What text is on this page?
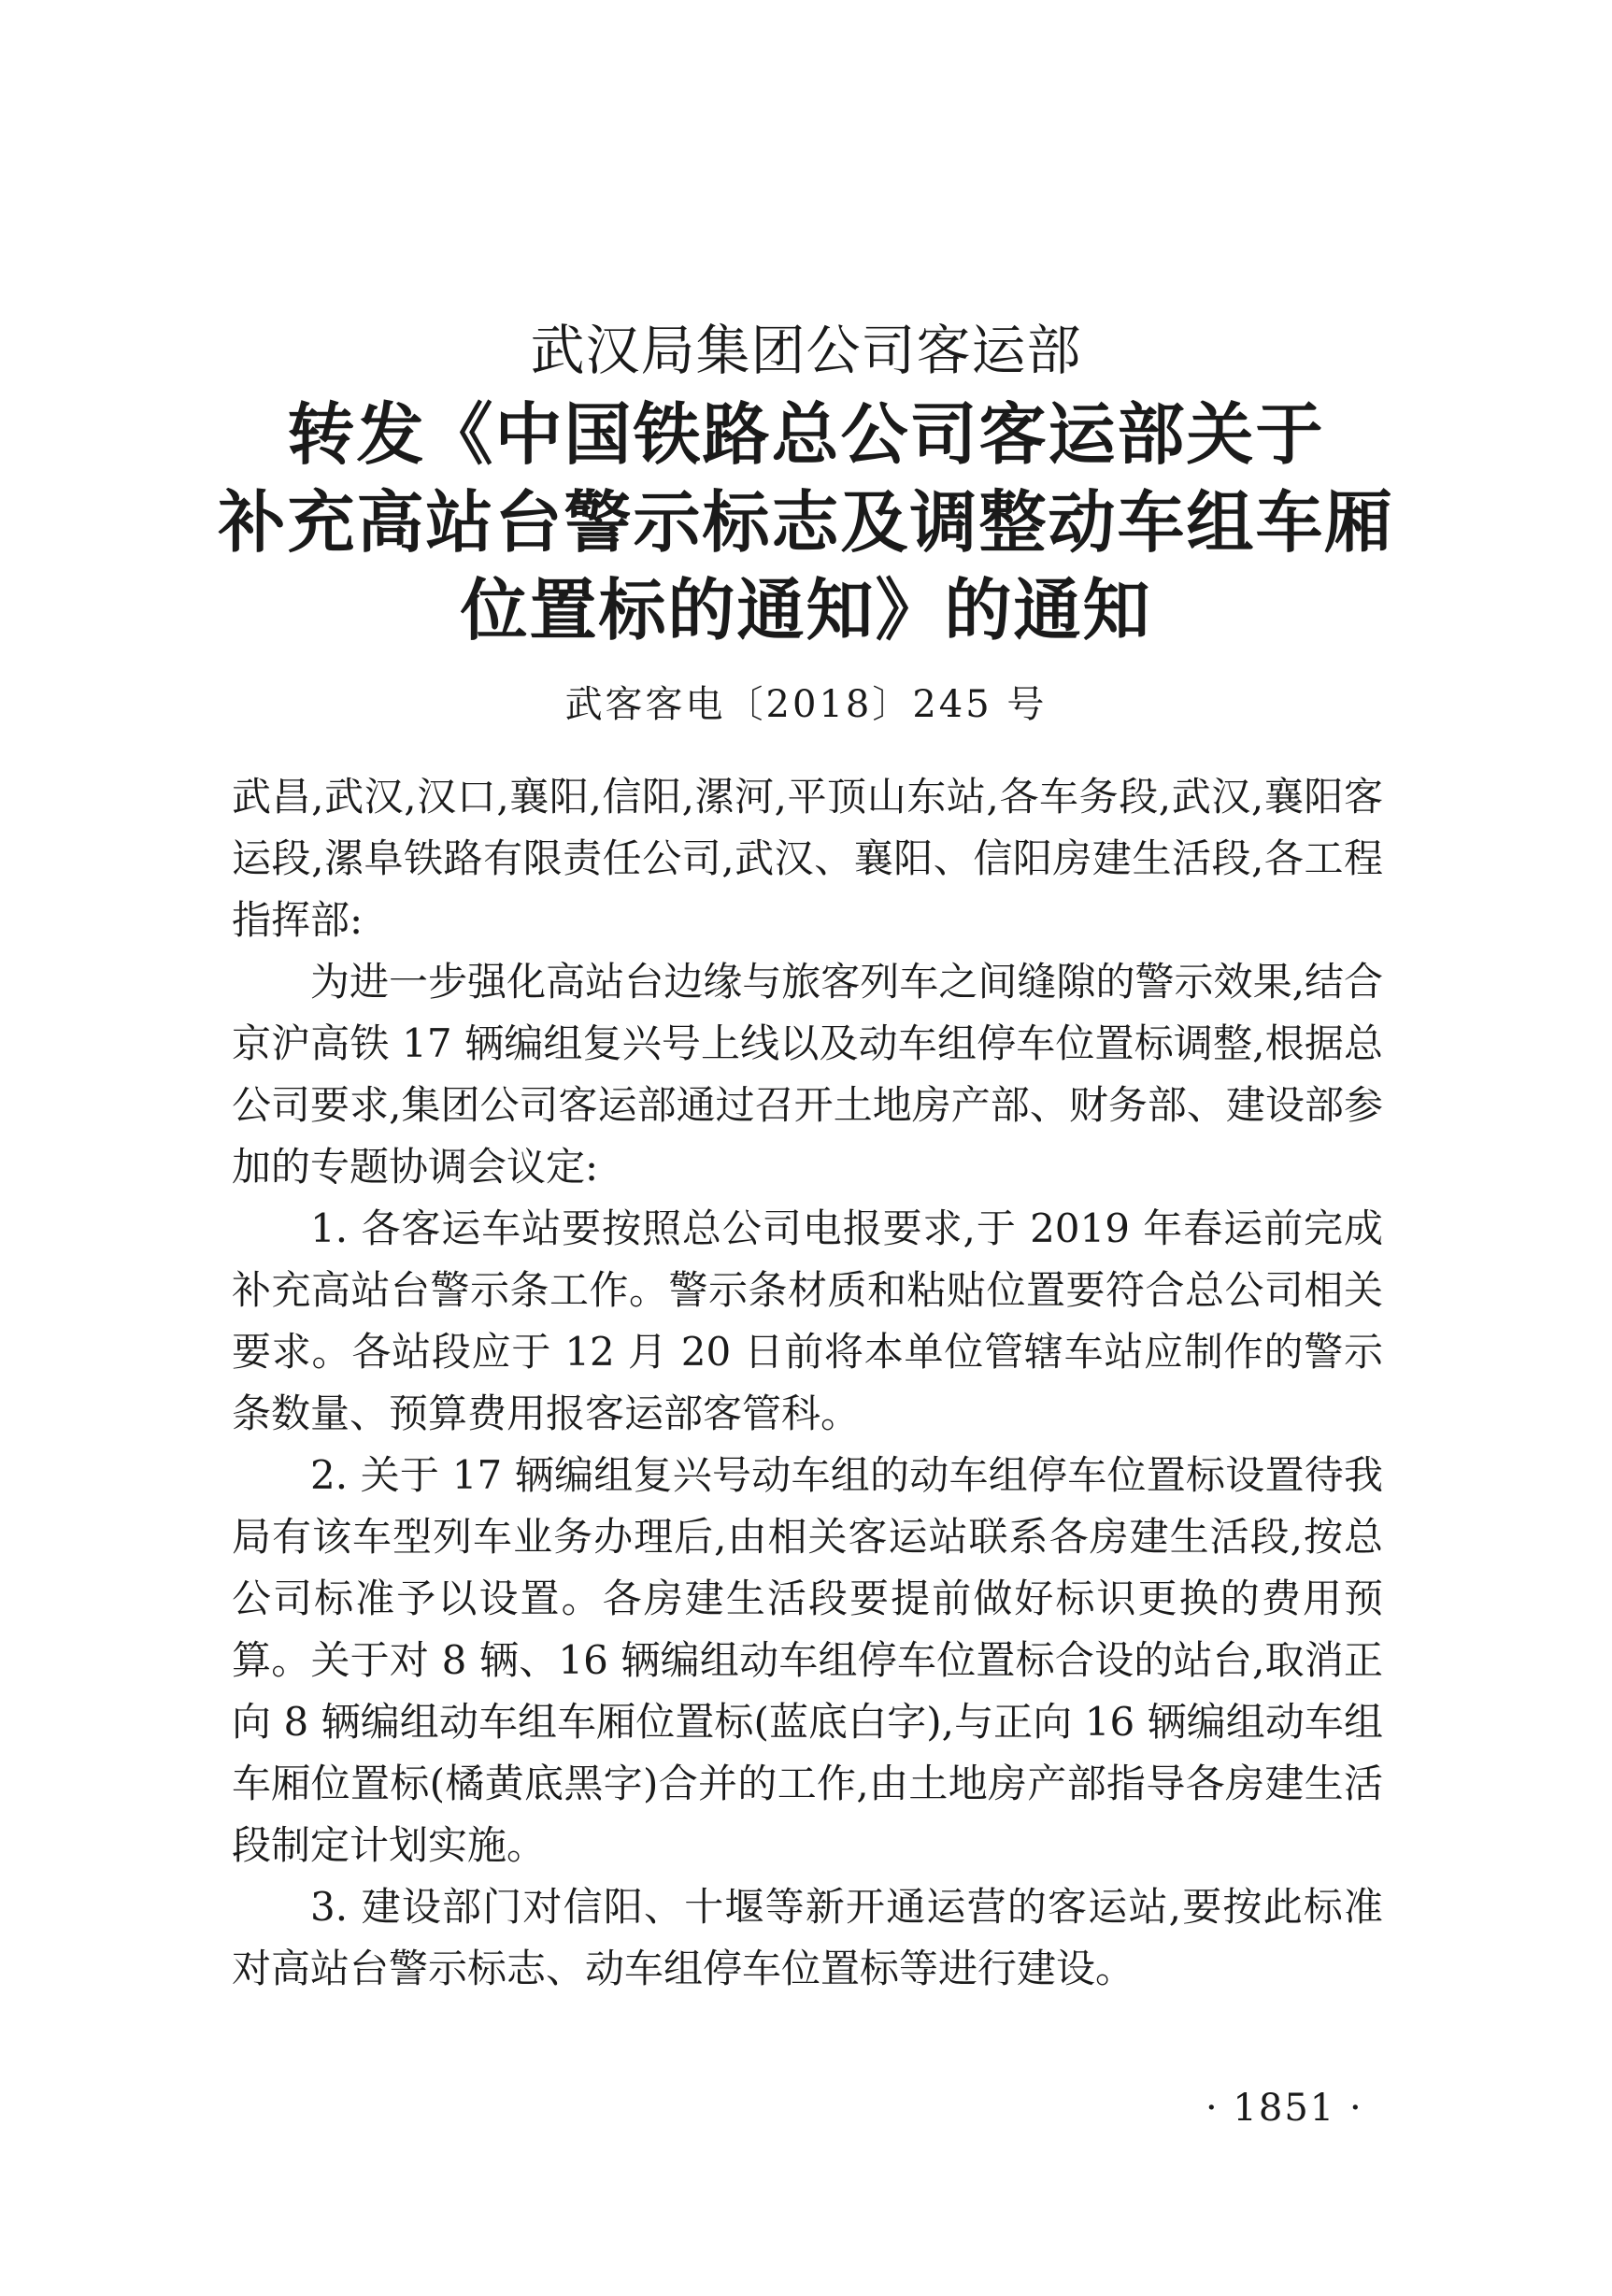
武汉局集团公司客运部
转发《中国铁路总公司客运部关于
补充高站台警示标志及调整动车组车厢
位置标的通知》的通知
武客客电〔2018〕245 号

武昌,武汉,汉口,襄阳,信阳,漯河,平顶山东站,各车务段,武汉,襄阳客运段,漯阜铁路有限责任公司,武汉、襄阳、信阳房建生活段,各工程指挥部:

为进一步强化高站台边缘与旅客列车之间缝隙的警示效果,结合京沪高铁 17 辆编组复兴号上线以及动车组停车位置标调整,根据总公司要求,集团公司客运部通过召开土地房产部、财务部、建设部参加的专题协调会议定:

1. 各客运车站要按照总公司电报要求,于 2019 年春运前完成补充高站台警示条工作。警示条材质和粘贴位置要符合总公司相关要求。各站段应于 12 月 20 日前将本单位管辖车站应制作的警示条数量、预算费用报客运部客管科。

2. 关于 17 辆编组复兴号动车组的动车组停车位置标设置待我局有该车型列车业务办理后,由相关客运站联系各房建生活段,按总公司标准予以设置。各房建生活段要提前做好标识更换的费用预算。关于对 8 辆、16 辆编组动车组停车位置标合设的站台,取消正向 8 辆编组动车组车厢位置标(蓝底白字),与正向 16 辆编组动车组车厢位置标(橘黄底黑字)合并的工作,由土地房产部指导各房建生活段制定计划实施。

3. 建设部门对信阳、十堰等新开通运营的客运站,要按此标准对高站台警示标志、动车组停车位置标等进行建设。

· 1851 ·
